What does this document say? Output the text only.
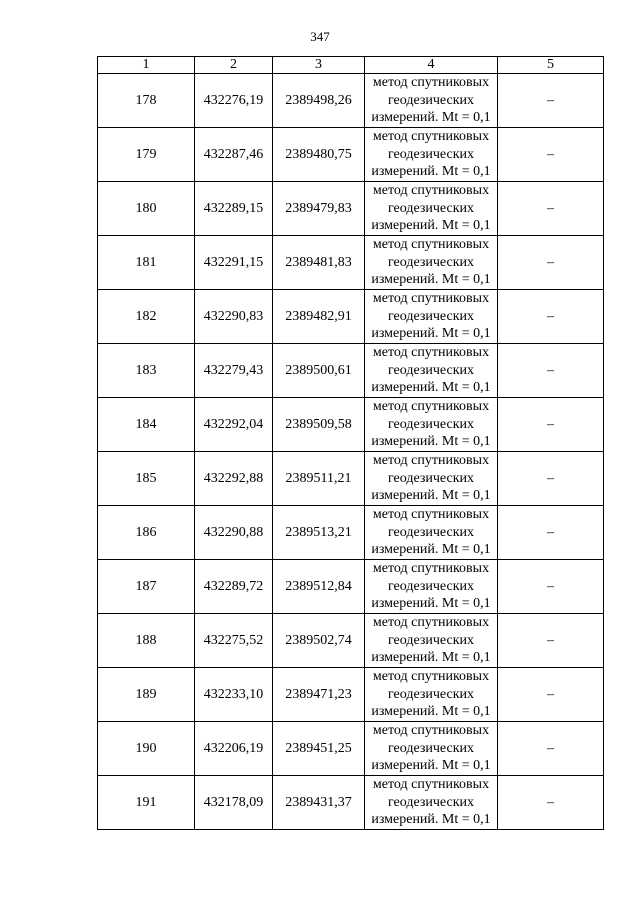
347
1	2	3	4	5
178	432276,19	2389498,26	метод спутниковых
геодезических
измерений. Mt = 0,1	–
179	432287,46	2389480,75	метод спутниковых
геодезических
измерений. Mt = 0,1	–
180	432289,15	2389479,83	метод спутниковых
геодезических
измерений. Mt = 0,1	–
181	432291,15	2389481,83	метод спутниковых
геодезических
измерений. Mt = 0,1	–
182	432290,83	2389482,91	метод спутниковых
геодезических
измерений. Mt = 0,1	–
183	432279,43	2389500,61	метод спутниковых
геодезических
измерений. Mt = 0,1	–
184	432292,04	2389509,58	метод спутниковых
геодезических
измерений. Mt = 0,1	–
185	432292,88	2389511,21	метод спутниковых
геодезических
измерений. Mt = 0,1	–
186	432290,88	2389513,21	метод спутниковых
геодезических
измерений. Mt = 0,1	–
187	432289,72	2389512,84	метод спутниковых
геодезических
измерений. Mt = 0,1	–
188	432275,52	2389502,74	метод спутниковых
геодезических
измерений. Mt = 0,1	–
189	432233,10	2389471,23	метод спутниковых
геодезических
измерений. Mt = 0,1	–
190	432206,19	2389451,25	метод спутниковых
геодезических
измерений. Mt = 0,1	–
191	432178,09	2389431,37	метод спутниковых
геодезических
измерений. Mt = 0,1	–
